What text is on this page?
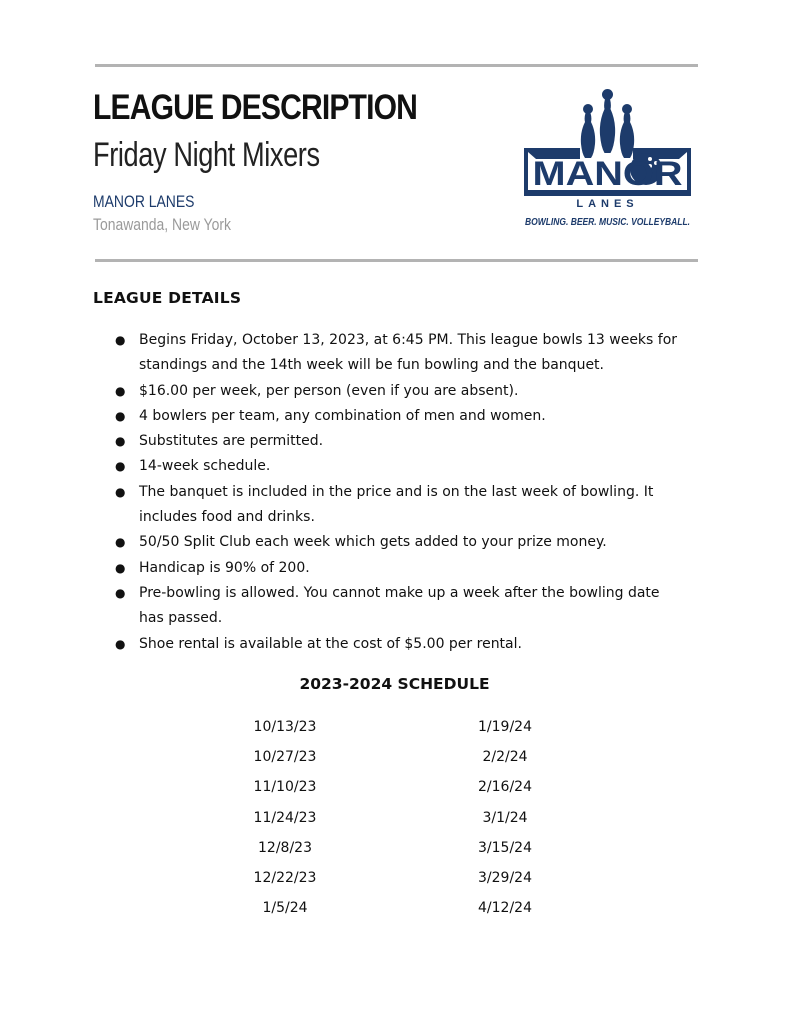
LEAGUE DESCRIPTION
Friday Night Mixers
MANOR LANES
Tonawanda, New York
MANOR
LANES
BOWLING. BEER. MUSIC. VOLLEYBALL.
LEAGUE DETAILS
● Begins Friday, October 13, 2023, at 6:45 PM. This league bowls 13 weeks for standings and the 14th week will be fun bowling and the banquet.
● $16.00 per week, per person (even if you are absent).
● 4 bowlers per team, any combination of men and women.
● Substitutes are permitted.
● 14-week schedule.
● The banquet is included in the price and is on the last week of bowling. It includes food and drinks.
● 50/50 Split Club each week which gets added to your prize money.
● Handicap is 90% of 200.
● Pre-bowling is allowed. You cannot make up a week after the bowling date has passed.
● Shoe rental is available at the cost of $5.00 per rental.
2023-2024 SCHEDULE
10/13/23
10/27/23
11/10/23
11/24/23
12/8/23
12/22/23
1/5/24
1/19/24
2/2/24
2/16/24
3/1/24
3/15/24
3/29/24
4/12/24
